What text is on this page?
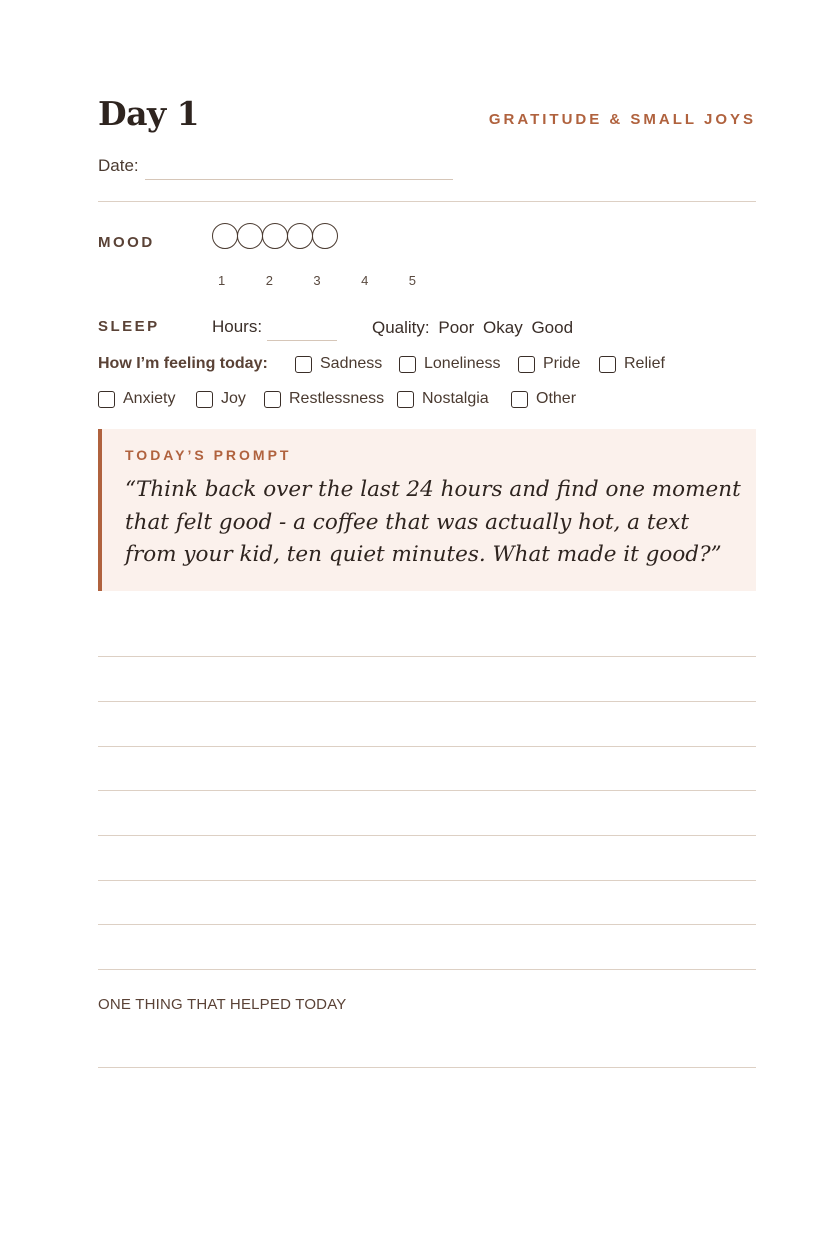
Day 1	GRATITUDE & SMALL JOYS
Date:
MOOD
1	2	3	4	5
SLEEP	Hours:	Quality: Poor Okay Good
How I’m feeling today:	Sadness	Loneliness	Pride	Relief
Anxiety	Joy	Restlessness Nostalgia	Other
TODAY’S PROMPT
“Think back over the last 24 hours and find one moment that felt good - a coffee that was actually hot, a text from your kid, ten quiet minutes. What made it good?”
ONE THING THAT HELPED TODAY
